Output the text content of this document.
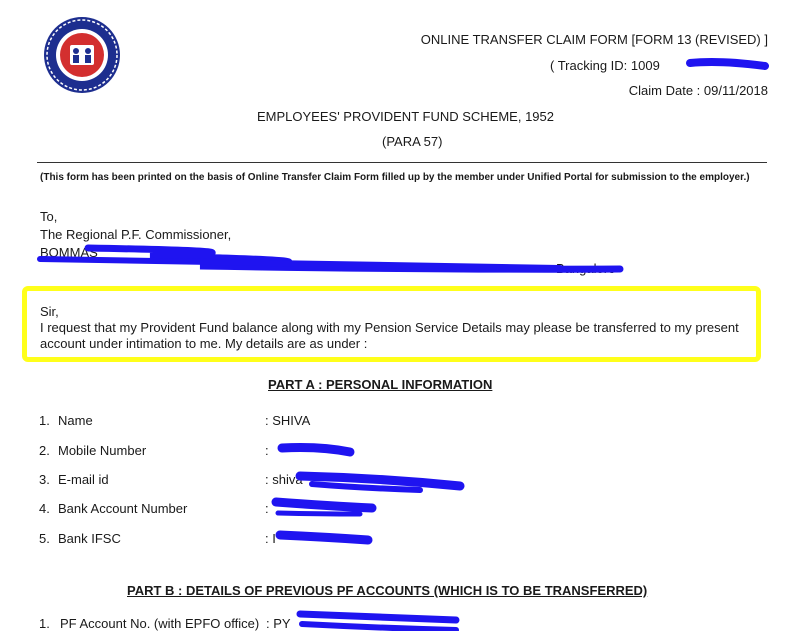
ONLINE TRANSFER CLAIM FORM [FORM 13 (REVISED) ]
( Tracking ID: 1009
Claim Date : 09/11/2018
EMPLOYEES' PROVIDENT FUND SCHEME, 1952
(PARA 57)
(This form has been printed on the basis of Online Transfer Claim Form filled up by the member under Unified Portal for submission to the employer.)
To,
The Regional P.F. Commissioner,
BOMMAS
Bangalore
Sir,
I request that my Provident Fund balance along with my Pension Service Details may please be transferred to my present account under intimation to me. My details are as under :
PART A : PERSONAL INFORMATION
1. Name	: SHIVA
2. Mobile Number	:
3. E-mail id	: shiva
4. Bank Account Number	:
5. Bank IFSC	: I
PART B : DETAILS OF PREVIOUS PF ACCOUNTS (WHICH IS TO BE TRANSFERRED)
1. PF Account No. (with EPFO office) : PY
